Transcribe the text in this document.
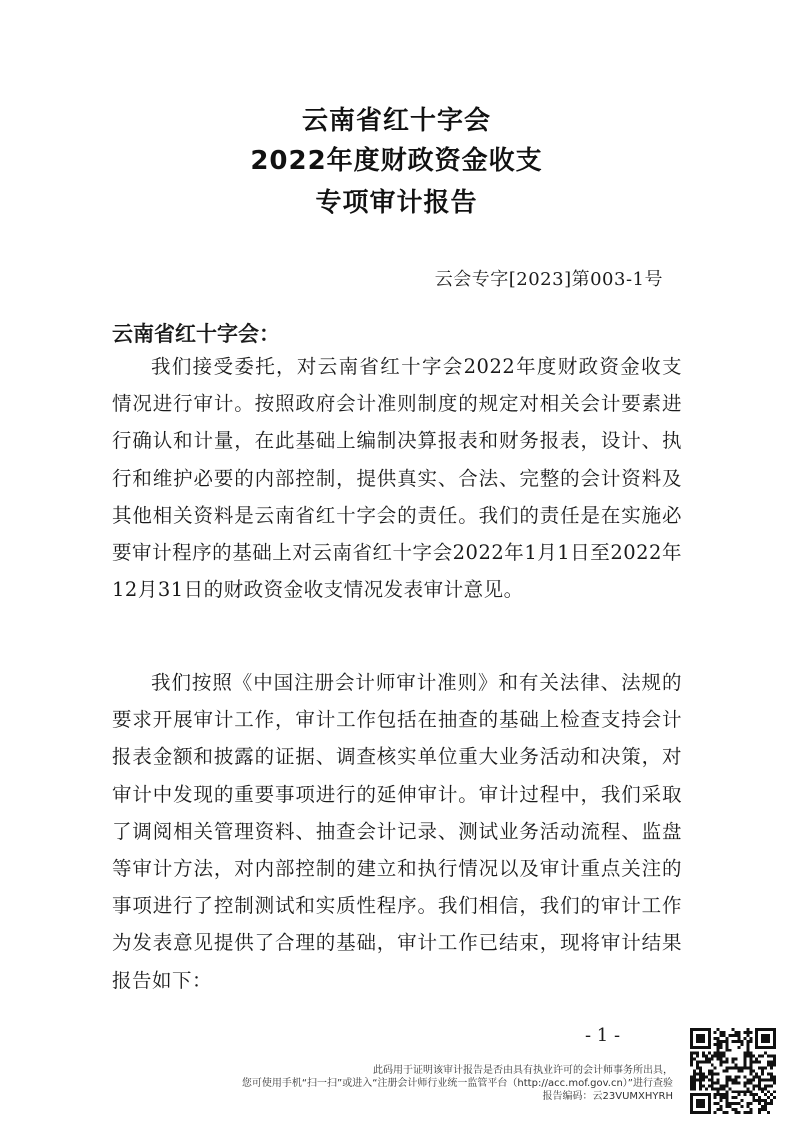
云南省红十字会
2022年度财政资金收支
专项审计报告
云会专字[2023]第003-1号
云南省红十字会：
我们接受委托，对云南省红十字会2022年度财政资金收支情况进行审计。按照政府会计准则制度的规定对相关会计要素进行确认和计量，在此基础上编制决算报表和财务报表，设计、执行和维护必要的内部控制，提供真实、合法、完整的会计资料及其他相关资料是云南省红十字会的责任。我们的责任是在实施必要审计程序的基础上对云南省红十字会2022年1月1日至2022年12月31日的财政资金收支情况发表审计意见。
我们按照《中国注册会计师审计准则》和有关法律、法规的要求开展审计工作，审计工作包括在抽查的基础上检查支持会计报表金额和披露的证据、调查核实单位重大业务活动和决策，对审计中发现的重要事项进行的延伸审计。审计过程中，我们采取了调阅相关管理资料、抽查会计记录、测试业务活动流程、监盘等审计方法，对内部控制的建立和执行情况以及审计重点关注的事项进行了控制测试和实质性程序。我们相信，我们的审计工作为发表意见提供了合理的基础，审计工作已结束，现将审计结果报告如下：
- 1 -
此码用于证明该审计报告是否由具有执业许可的会计师事务所出具，
您可使用手机“扫一扫”或进入“注册会计师行业统一监管平台（http://acc.mof.gov.cn）”进行查验
报告编码：云23VUMXHYRH
